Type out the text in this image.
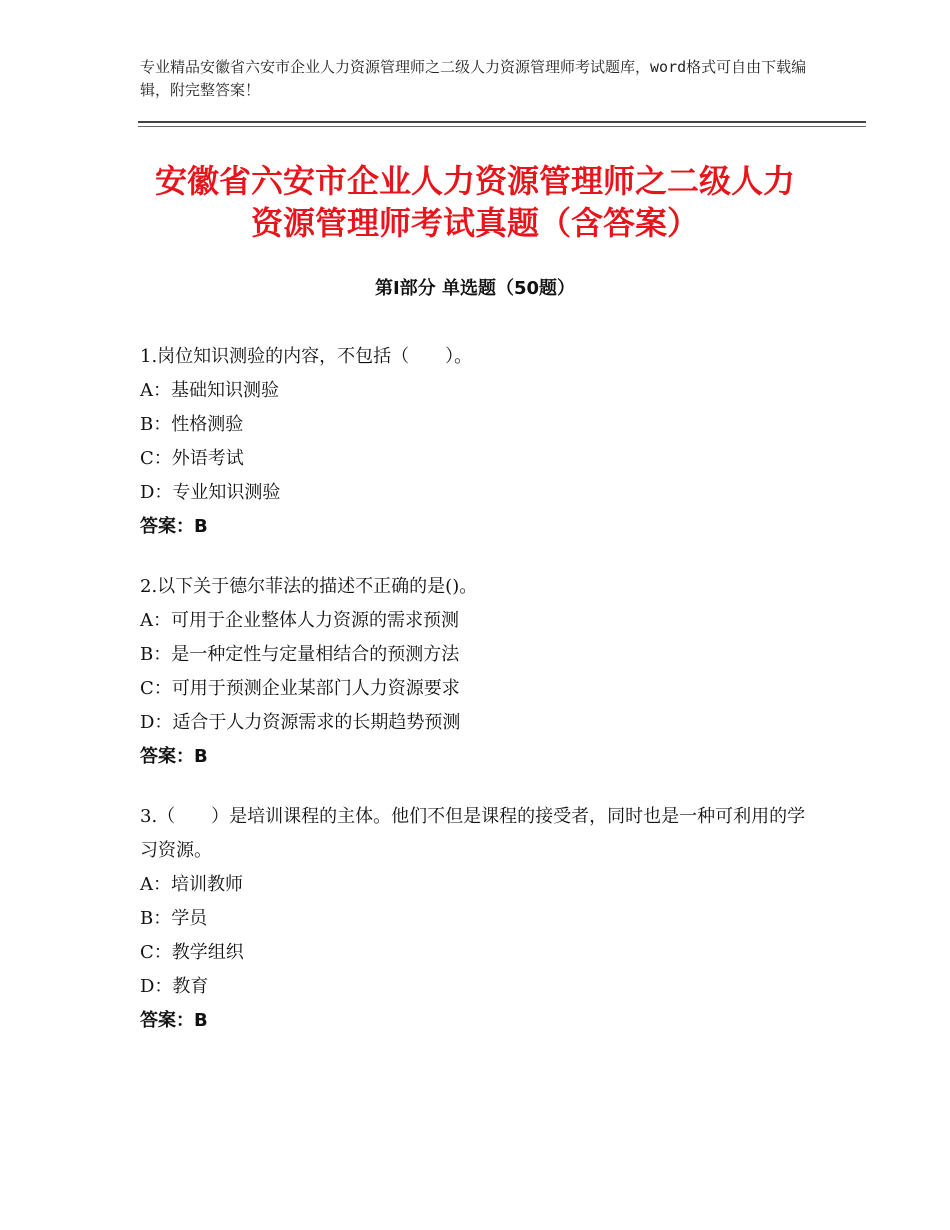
专业精品安徽省六安市企业人力资源管理师之二级人力资源管理师考试题库，word格式可自由下载编辑，附完整答案！
安徽省六安市企业人力资源管理师之二级人力资源管理师考试真题（含答案）
第Ⅰ部分 单选题（50题）

1.岗位知识测验的内容，不包括（　　）。

A：基础知识测验

B：性格测验

C：外语考试

D：专业知识测验

答案：B

2.以下关于德尔菲法的描述不正确的是()。

A：可用于企业整体人力资源的需求预测

B：是一种定性与定量相结合的预测方法

C：可用于预测企业某部门人力资源要求

D：适合于人力资源需求的长期趋势预测

答案：B

3.（　　）是培训课程的主体。他们不但是课程的接受者，同时也是一种可利用的学习资源。

A：培训教师

B：学员

C：教学组织

D：教育

答案：B
